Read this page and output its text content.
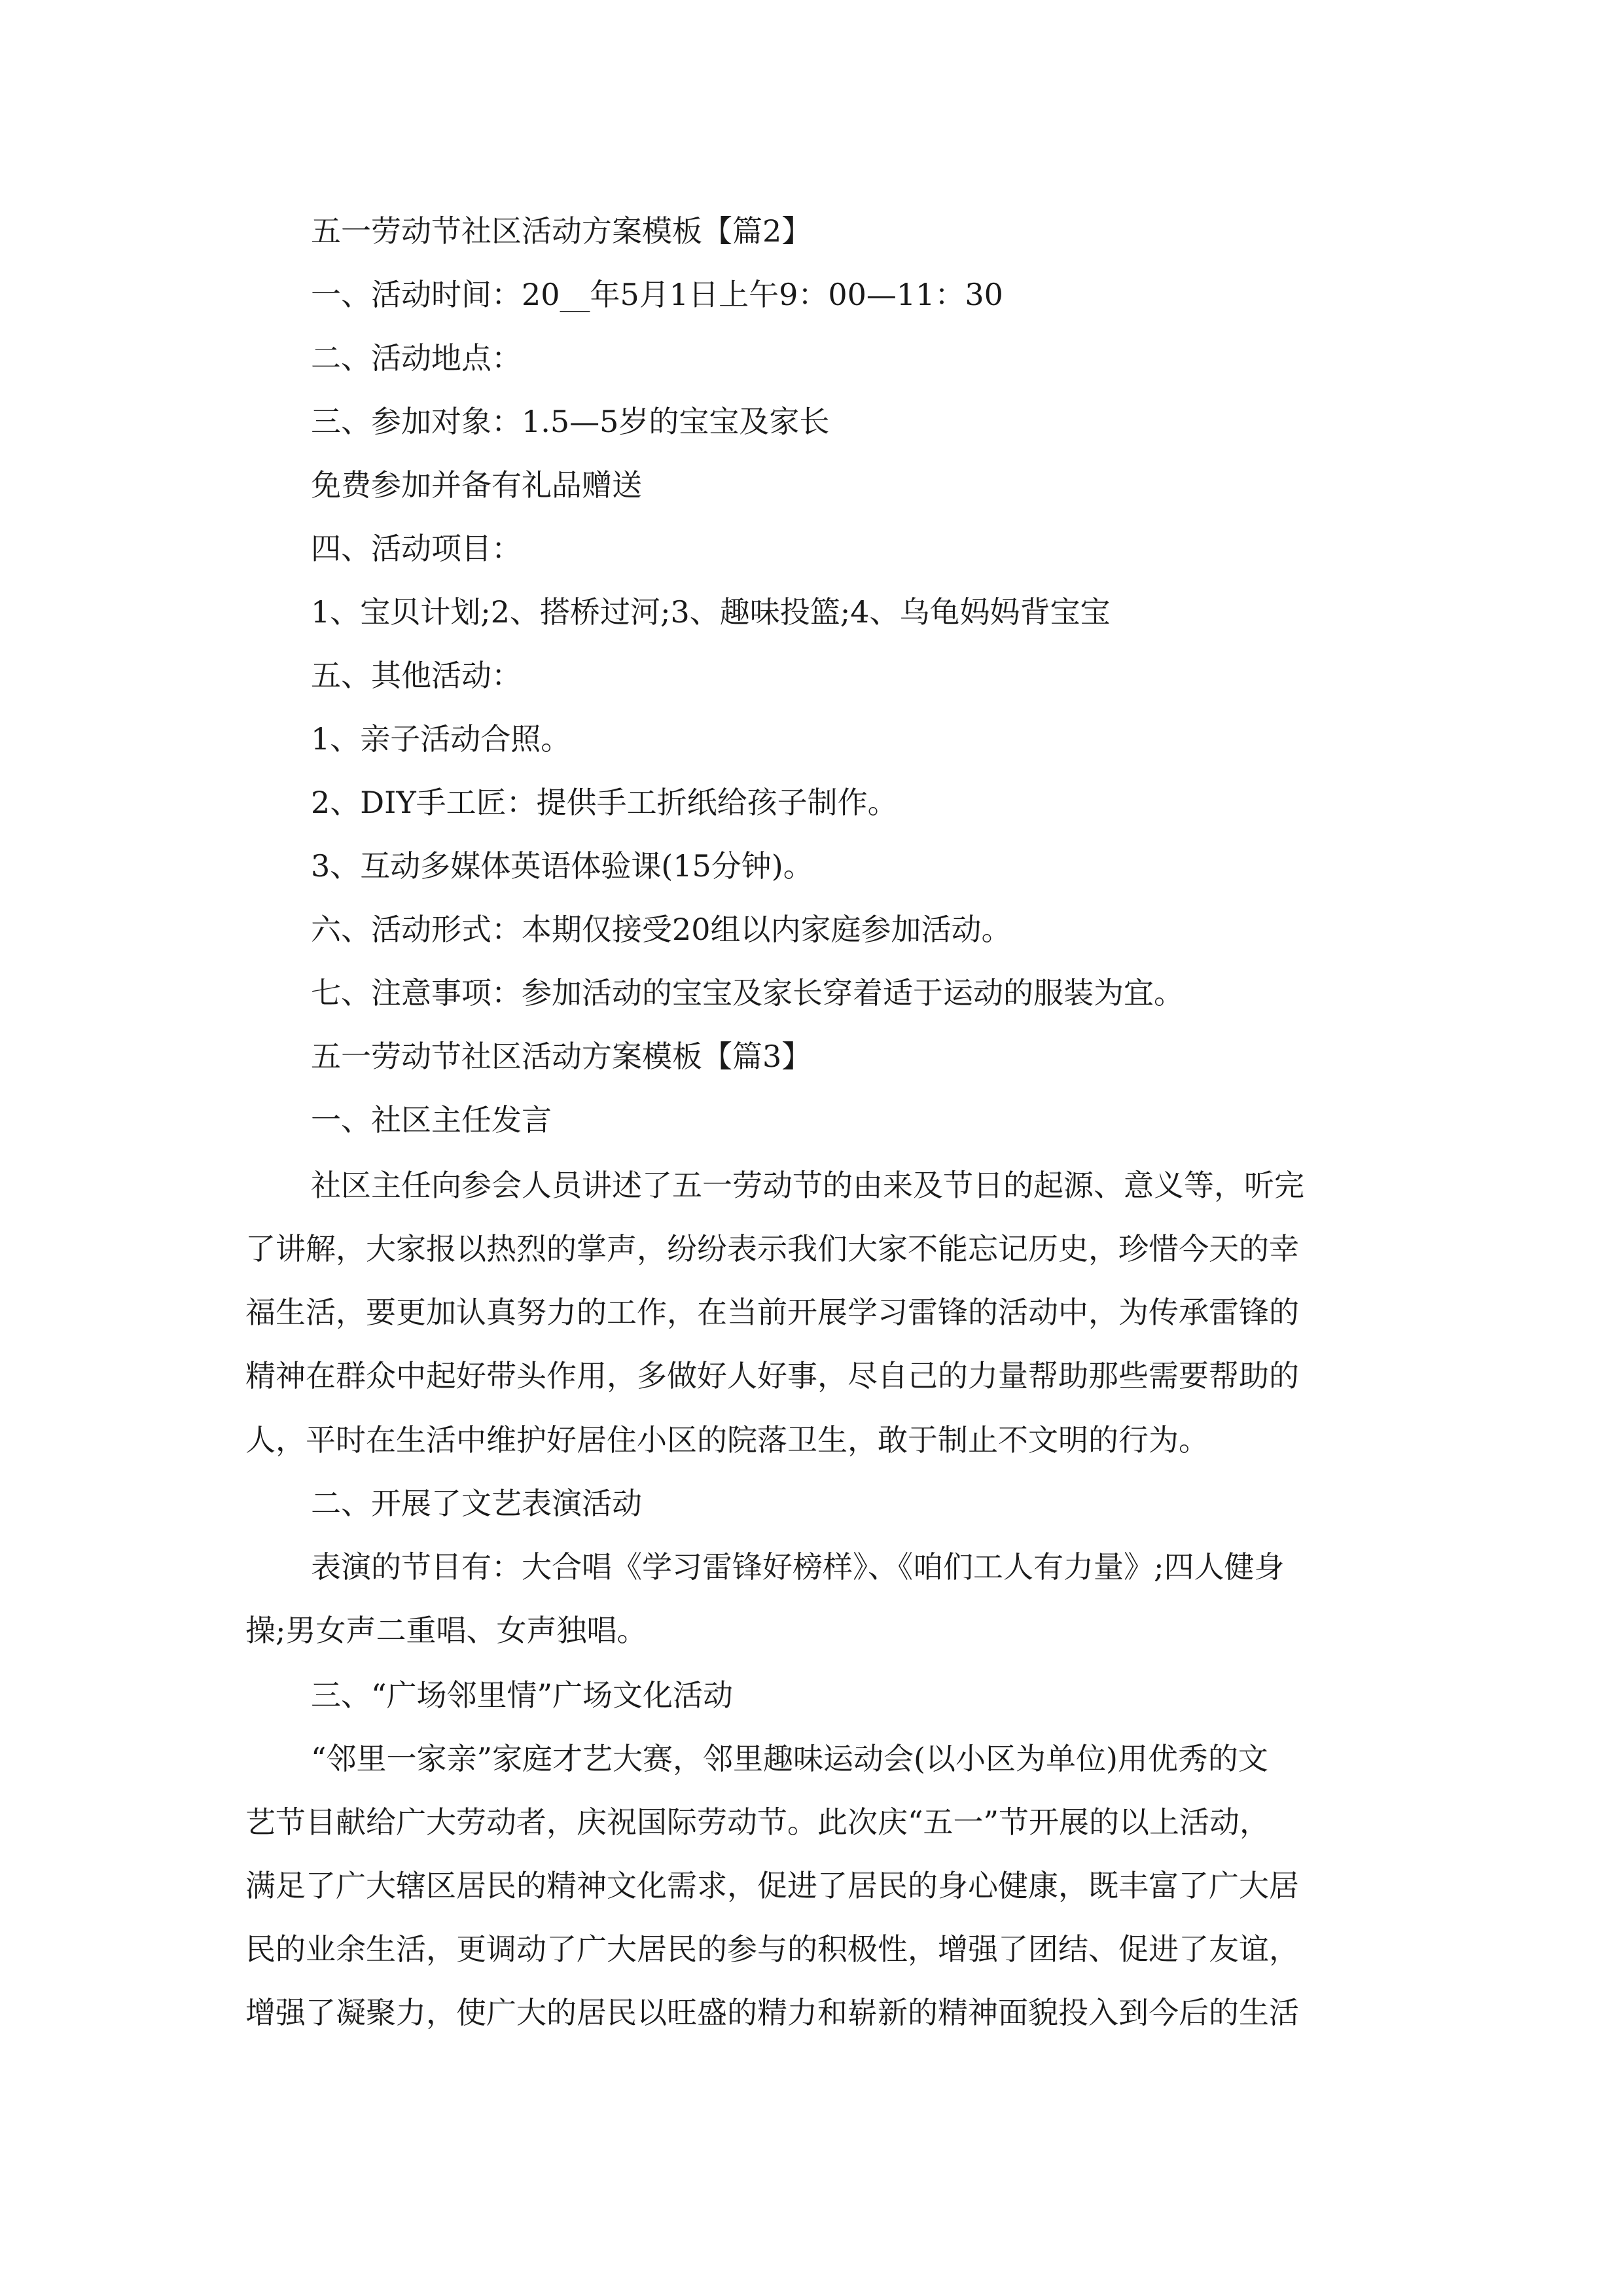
五一劳动节社区活动方案模板【篇2】

一、活动时间：20__年5月1日上午9：00—11：30

二、活动地点：

三、参加对象：1.5—5岁的宝宝及家长

免费参加并备有礼品赠送

四、活动项目：

1、宝贝计划;2、搭桥过河;3、趣味投篮;4、乌龟妈妈背宝宝

五、其他活动：

1、亲子活动合照。

2、DIY手工匠：提供手工折纸给孩子制作。

3、互动多媒体英语体验课(15分钟)。

六、活动形式：本期仅接受20组以内家庭参加活动。

七、注意事项：参加活动的宝宝及家长穿着适于运动的服装为宜。

五一劳动节社区活动方案模板【篇3】

一、社区主任发言

社区主任向参会人员讲述了五一劳动节的由来及节日的起源、意义等，听完

了讲解，大家报以热烈的掌声，纷纷表示我们大家不能忘记历史，珍惜今天的幸

福生活，要更加认真努力的工作，在当前开展学习雷锋的活动中，为传承雷锋的

精神在群众中起好带头作用，多做好人好事，尽自己的力量帮助那些需要帮助的

人，平时在生活中维护好居住小区的院落卫生，敢于制止不文明的行为。

二、开展了文艺表演活动

表演的节目有：大合唱《学习雷锋好榜样》、《咱们工人有力量》;四人健身

操;男女声二重唱、女声独唱。

三、“广场邻里情”广场文化活动

“邻里一家亲”家庭才艺大赛，邻里趣味运动会(以小区为单位)用优秀的文

艺节目献给广大劳动者，庆祝国际劳动节。此次庆“五一”节开展的以上活动，

满足了广大辖区居民的精神文化需求，促进了居民的身心健康，既丰富了广大居

民的业余生活，更调动了广大居民的参与的积极性，增强了团结、促进了友谊，

增强了凝聚力，使广大的居民以旺盛的精力和崭新的精神面貌投入到今后的生活
